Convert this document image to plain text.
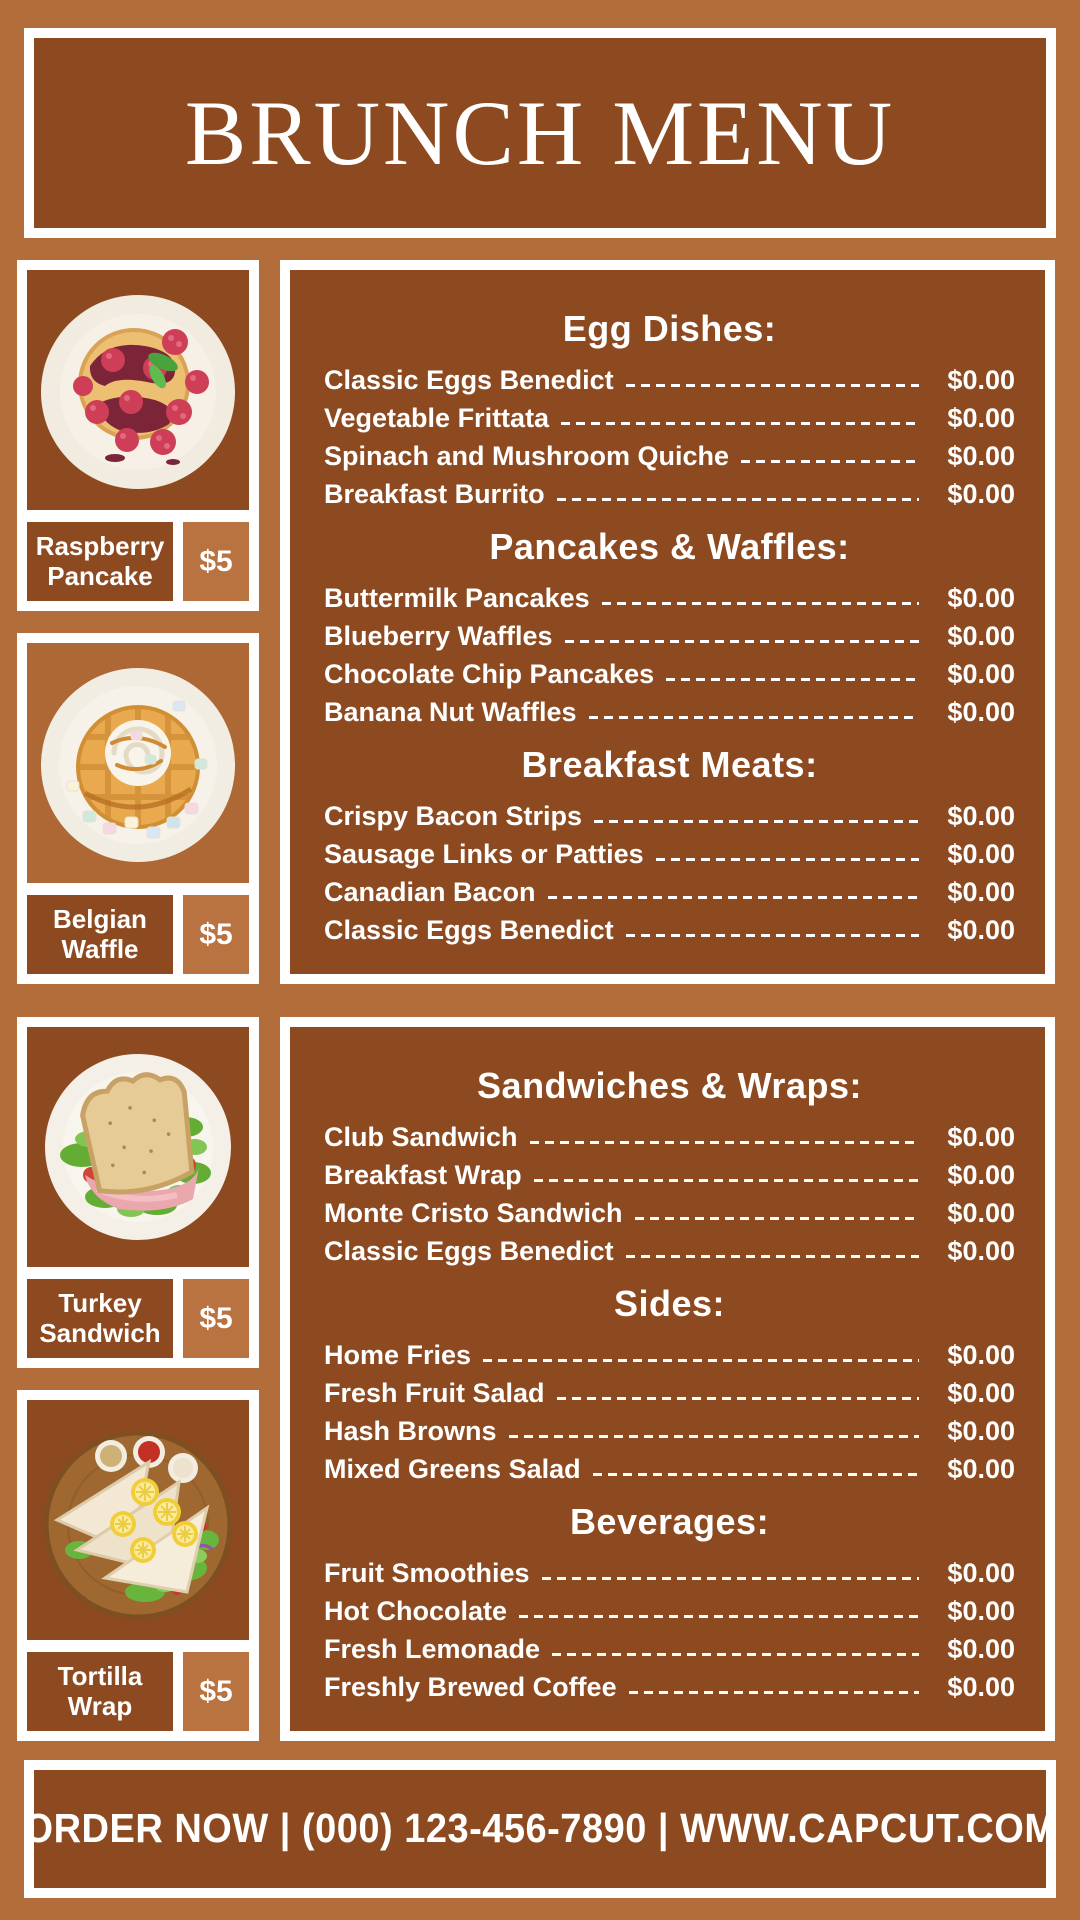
BRUNCH MENU
Raspberry Pancake	$5
Belgian Waffle	$5
Turkey Sandwich	$5
Tortilla Wrap	$5
Egg Dishes:
Classic Eggs Benedict	$0.00
Vegetable Frittata	$0.00
Spinach and Mushroom Quiche	$0.00
Breakfast Burrito	$0.00
Pancakes & Waffles:
Buttermilk Pancakes	$0.00
Blueberry Waffles	$0.00
Chocolate Chip Pancakes	$0.00
Banana Nut Waffles	$0.00
Breakfast Meats:
Crispy Bacon Strips	$0.00
Sausage Links or Patties	$0.00
Canadian Bacon	$0.00
Classic Eggs Benedict	$0.00
Sandwiches & Wraps:
Club Sandwich	$0.00
Breakfast Wrap	$0.00
Monte Cristo Sandwich	$0.00
Classic Eggs Benedict	$0.00
Sides:
Home Fries	$0.00
Fresh Fruit Salad	$0.00
Hash Browns	$0.00
Mixed Greens Salad	$0.00
Beverages:
Fruit Smoothies	$0.00
Hot Chocolate	$0.00
Fresh Lemonade	$0.00
Freshly Brewed Coffee	$0.00
ORDER NOW | (000) 123-456-7890 | WWW.CAPCUT.COM
